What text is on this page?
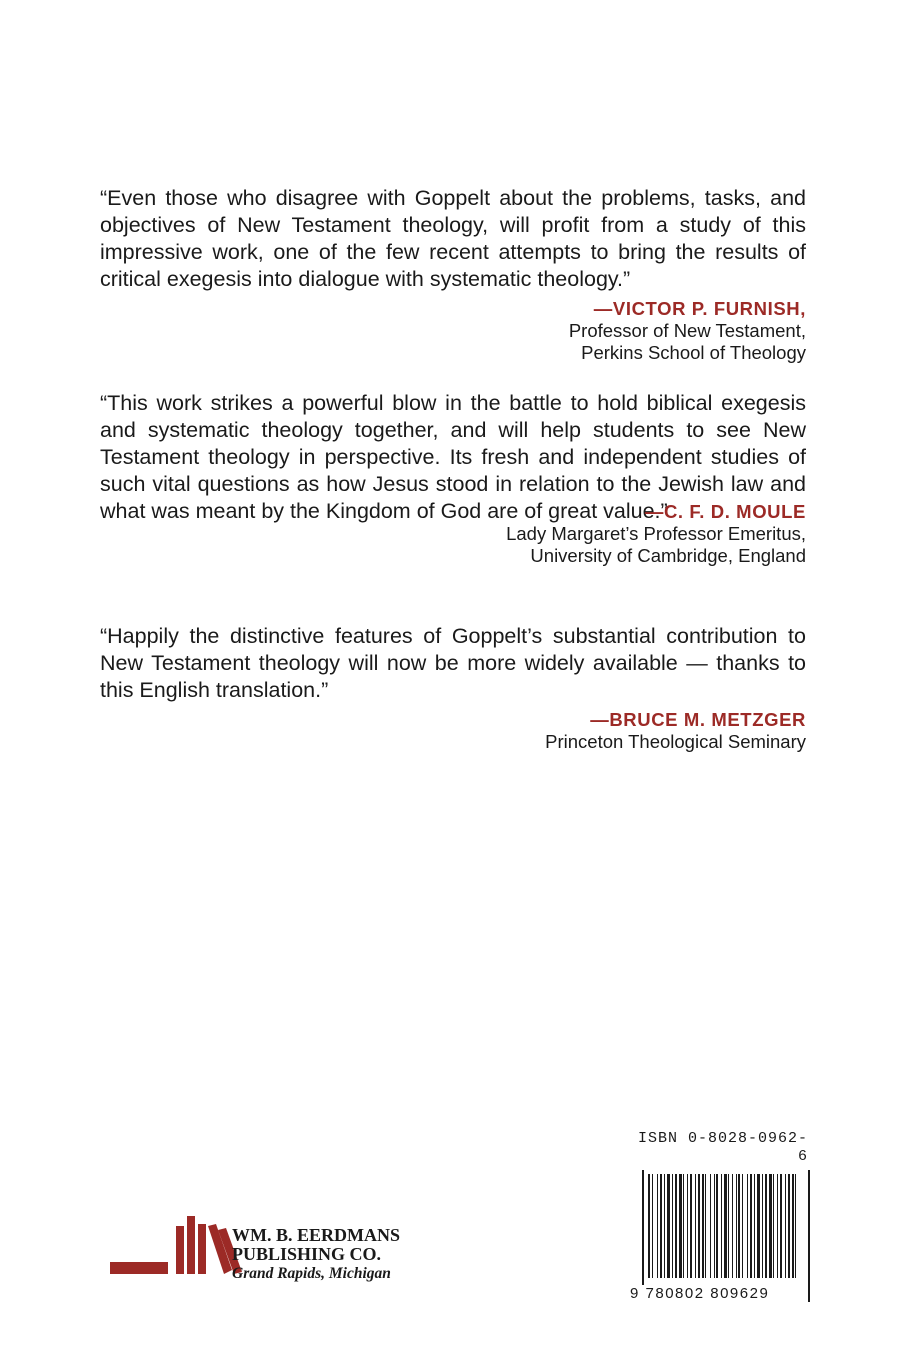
“Even those who disagree with Goppelt about the problems, tasks, and objectives of New Testament theology, will profit from a study of this impressive work, one of the few recent attempts to bring the results of critical exegesis into dialogue with systematic theology.”

—VICTOR P. FURNISH,
Professor of New Testament,
Perkins School of Theology

“This work strikes a powerful blow in the battle to hold biblical exegesis and systematic theology together, and will help students to see New Testament theology in perspective. Its fresh and independent studies of such vital questions as how Jesus stood in relation to the Jewish law and what was meant by the Kingdom of God are of great value.”

—C. F. D. MOULE
Lady Margaret’s Professor Emeritus,
University of Cambridge, England

“Happily the distinctive features of Goppelt’s substantial contribution to New Testament theology will now be more widely available — thanks to this English translation.”

—BRUCE M. METZGER
Princeton Theological Seminary
WM. B. EERDMANS
PUBLISHING CO.
Grand Rapids, Michigan
ISBN 0-8028-0962-6
9 780802 809629
